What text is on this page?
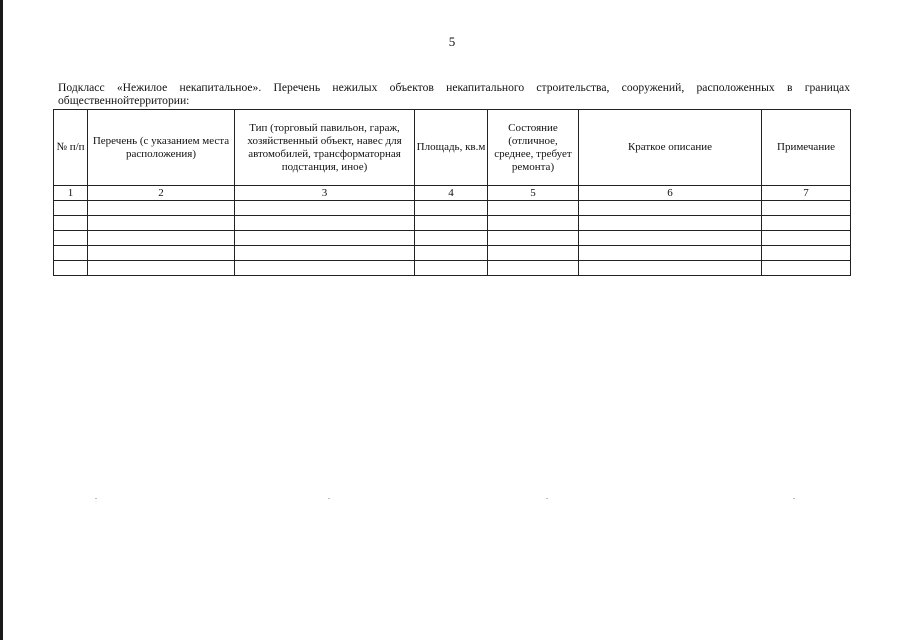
5
Подкласс «Нежилое некапитальное». Перечень нежилых объектов некапитального строительства, сооружений, расположенных в границах
общественнойтерритории:
№ п/п	Перечень (с указанием места расположения)	Тип (торговый павильон, гараж, хозяйственный объект, навес для автомобилей, трансформаторная подстанция, иное)	Площадь, кв.м	Состояние (отличное, среднее, требует ремонта)	Краткое описание	Примечание
1	2	3	4	5	6	7
